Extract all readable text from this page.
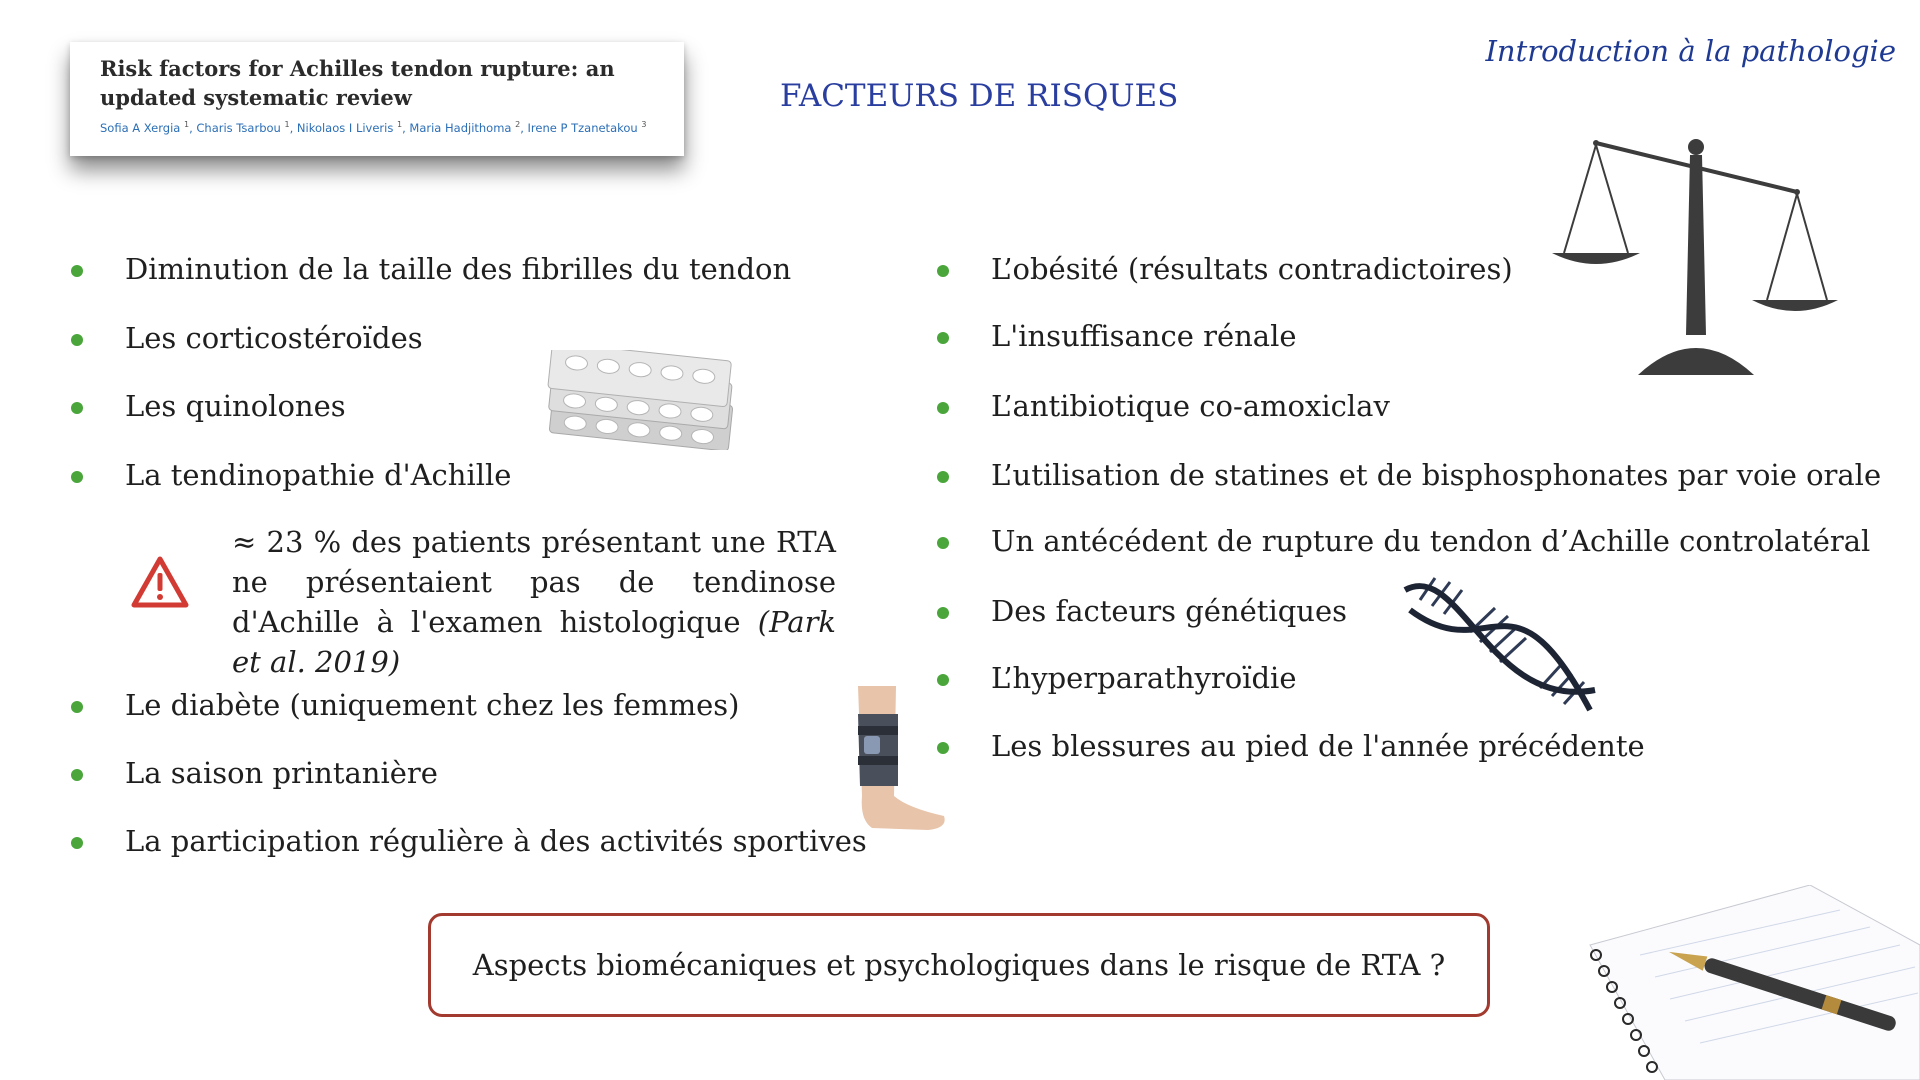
Risk factors for Achilles tendon rupture: an updated systematic review
Sofia A Xergia $^1$, Charis Tsarbou $^1$, Nikolaos I Liveris $^1$, Maria Hadjithoma $^2$, Irene P Tzanetakou $^3$
Introduction à la pathologie
FACTEURS DE RISQUES
Diminution de la taille des fibrilles du tendon
Les corticostéroïdes
Les quinolones
La tendinopathie d'Achille
≈ 23 % des patients présentant une RTA ne présentaient pas de tendinose d'Achille à l'examen histologique (Park et al. 2019)
Le diabète (uniquement chez les femmes)
La saison printanière
La participation régulière à des activités sportives
L’obésité (résultats contradictoires)
L'insuffisance rénale
L’antibiotique co-amoxiclav
L’utilisation de statines et de bisphosphonates par voie orale
Un antécédent de rupture du tendon d’Achille controlatéral
Des facteurs génétiques
L’hyperparathyroïdie
Les blessures au pied de l'année précédente
Aspects biomécaniques et psychologiques dans le risque de RTA ?
